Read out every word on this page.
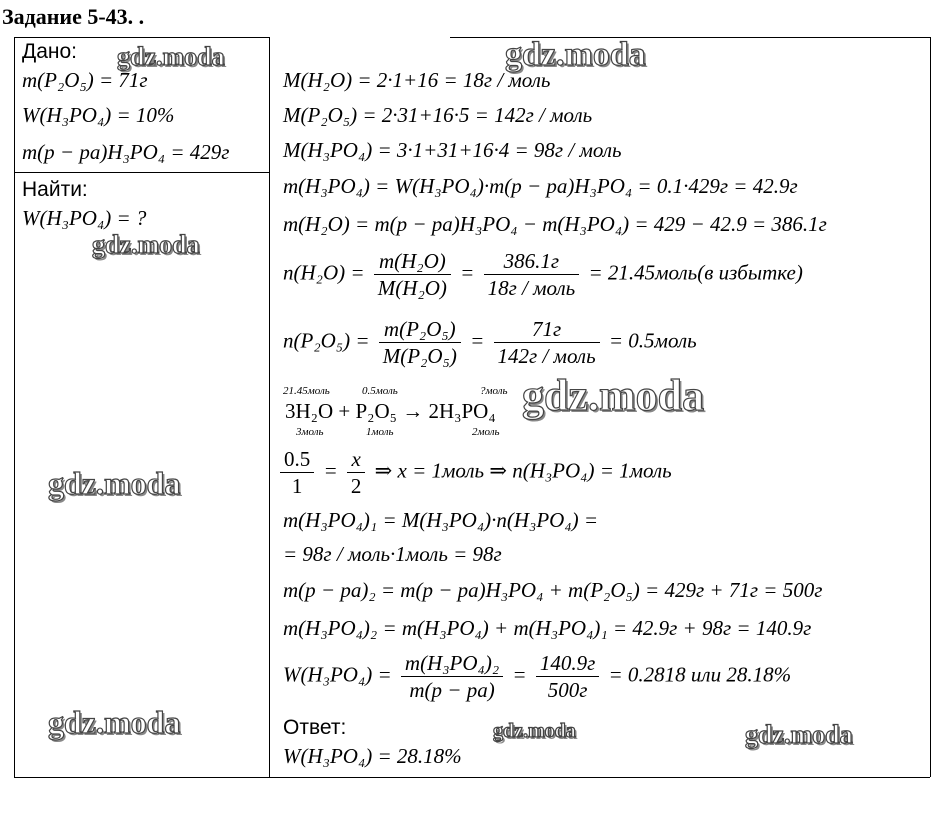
Задание 5-43. .
Дано:
m(P₂O₅) = 71г
W(H₃PO₄) = 10%
m(p − pa)H₃PO₄ = 429г
Найти:
W(H₃PO₄) = ?
M(H₂O) = 2·1+16 = 18г / моль
M(P₂O₅) = 2·31+16·5 = 142г / моль
M(H₃PO₄) = 3·1+31+16·4 = 98г / моль
m(H₃PO₄) = W(H₃PO₄)·m(p − pa)H₃PO₄ = 0.1·429г = 42.9г
m(H₂O) = m(p − pa)H₃PO₄ − m(H₃PO₄) = 429 − 42.9 = 386.1г
$n(H_2O) = \frac{\text{m(H₂O)}}{\text{M(H₂O)}} = \frac{386.1г}{\text{18г / моль}}$ = 21.45моль(в избытке)
$n(P_2O_5) = \frac{\text{m(P₂O₅)}}{\text{M(P₂O₅)}} = \frac{71г}{\text{142г / моль}}$ = 0.5моль
21.45моль	0.5моль	?моль
3H₂O + P₂O₅ → 2H₃PO₄
3моль	1моль	2моль
$\frac{0.5}{1} = \frac{x}{2}$ ⇒ x = 1моль ⇒ n(H₃PO₄) = 1моль
m(H₃PO₄)₁ = M(H₃PO₄)·n(H₃PO₄) =
= 98г / моль·1моль = 98г
m(p − pa)₂ = m(p − pa)H₃PO₄ + m(P₂O₅) = 429г + 71г = 500г
m(H₃PO₄)₂ = m(H₃PO₄) + m(H₃PO₄)₁ = 42.9г + 98г = 140.9г
$W(H_3PO_4) = \frac{\text{m(H₃PO₄)₂}}{m(p - pa)} = \frac{140.9г}{500г} = 0.2818$ или 28.18%
Ответ:
W(H₃PO₄) = 28.18%
gdz.moda	gdz.moda
gdz.moda
gdz.moda
gdz.moda
gdz.moda	gdz.moda	gdz.moda
